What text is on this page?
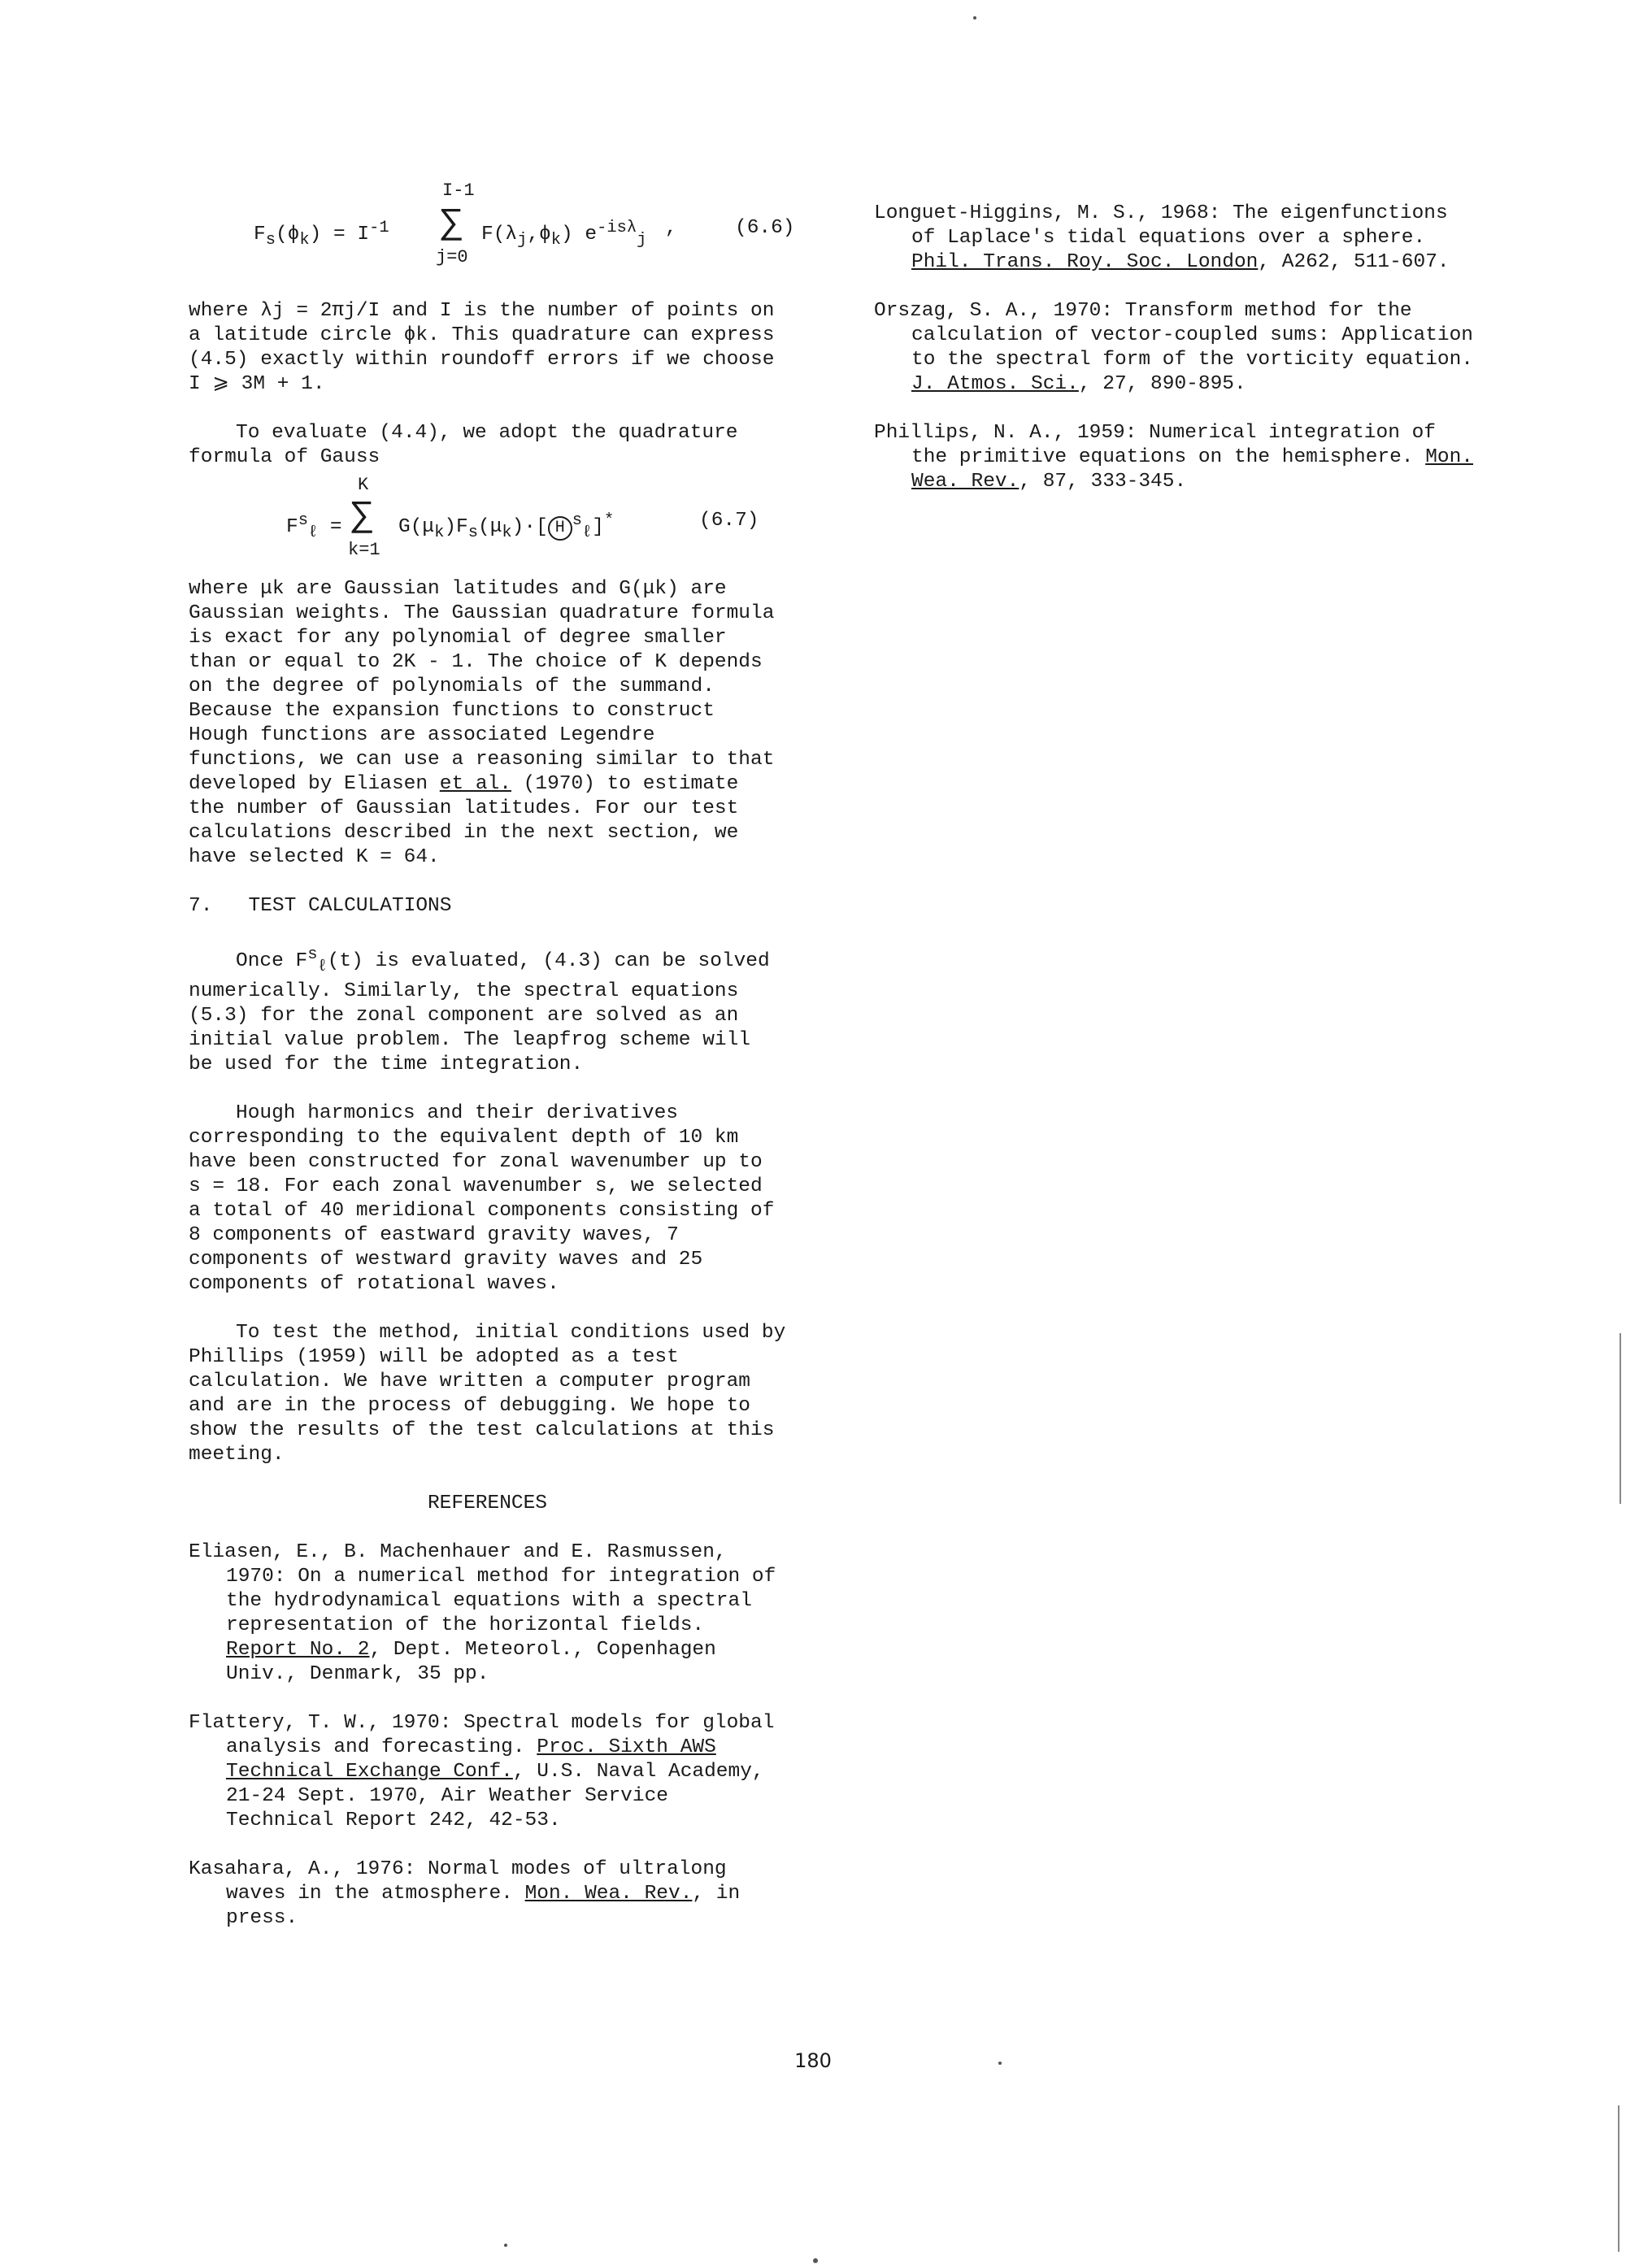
$F_s(\phi_k) = I^{-1}$
I-1
∑
j=0
$F(\lambda_j,\phi_k)$ $e^{-is\lambda}_j$
,	(6.6)

where λj = 2πj/I and I is the number of points on a latitude circle ϕk. This quadrature can express (4.5) exactly within roundoff errors if we choose I ⩾ 3M + 1.

To evaluate (4.4), we adopt the quadrature formula of Gauss

$F^s_\ell$ =
K
∑
k=1
$G(\mu_k)F_s(\mu_k)\cdot$[ H $^s_\ell$]*	(6.7)

where μk are Gaussian latitudes and G(μk) are Gaussian weights. The Gaussian quadrature formula is exact for any polynomial of degree smaller than or equal to 2K - 1. The choice of K depends on the degree of polynomials of the summand. Because the expansion functions to construct Hough functions are associated Legendre functions, we can use a reasoning similar to that developed by Eliasen et al. (1970) to estimate the number of Gaussian latitudes. For our test calculations described in the next section, we have selected K = 64.

7. TEST CALCULATIONS

Once $F^s_\ell(t)$ is evaluated, (4.3) can be solved numerically. Similarly, the spectral equations (5.3) for the zonal component are solved as an initial value problem. The leapfrog scheme will be used for the time integration.

Hough harmonics and their derivatives corresponding to the equivalent depth of 10 km have been constructed for zonal wavenumber up to s = 18. For each zonal wavenumber s, we selected a total of 40 meridional components consisting of 8 components of eastward gravity waves, 7 components of westward gravity waves and 25 components of rotational waves.

To test the method, initial conditions used by Phillips (1959) will be adopted as a test calculation. We have written a computer program and are in the process of debugging. We hope to show the results of the test calculations at this meeting.

REFERENCES

Eliasen, E., B. Machenhauer and E. Rasmussen, 1970: On a numerical method for integration of the hydrodynamical equations with a spectral representation of the horizontal fields. Report No. 2, Dept. Meteorol., Copenhagen Univ., Denmark, 35 pp.

Flattery, T. W., 1970: Spectral models for global analysis and forecasting. Proc. Sixth AWS Technical Exchange Conf., U.S. Naval Academy, 21-24 Sept. 1970, Air Weather Service Technical Report 242, 42-53.

Kasahara, A., 1976: Normal modes of ultralong waves in the atmosphere. Mon. Wea. Rev., in press.

Longuet-Higgins, M. S., 1968: The eigenfunctions of Laplace's tidal equations over a sphere. Phil. Trans. Roy. Soc. London, A262, 511-607.

Orszag, S. A., 1970: Transform method for the calculation of vector-coupled sums: Application to the spectral form of the vorticity equation. J. Atmos. Sci., 27, 890-895.

Phillips, N. A., 1959: Numerical integration of the primitive equations on the hemisphere. Mon. Wea. Rev., 87, 333-345.

180
